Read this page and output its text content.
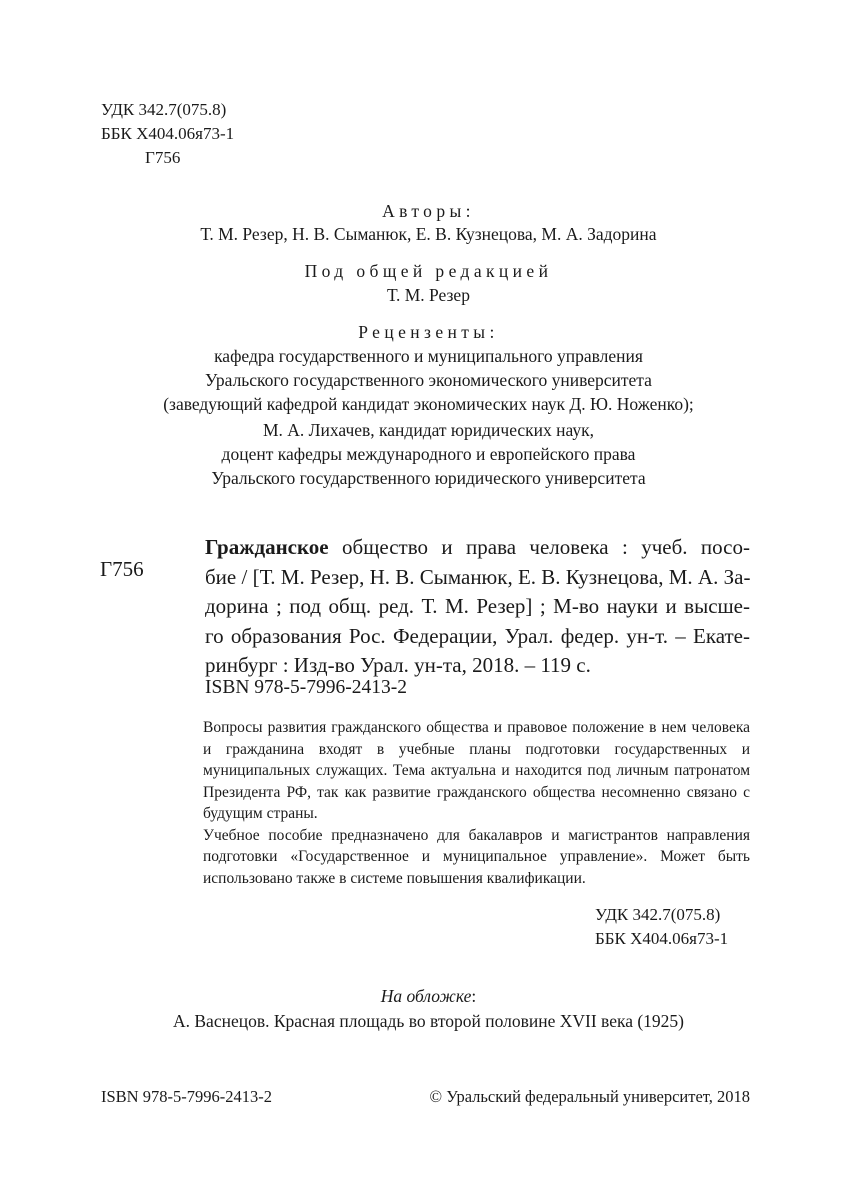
УДК 342.7(075.8)
ББК Х404.06я73-1
Г756
Авторы:
Т. М. Резер, Н. В. Сыманюк, Е. В. Кузнецова, М. А. Задорина
Под общей редакцией
Т. М. Резер
Рецензенты:
кафедра государственного и муниципального управления
Уральского государственного экономического университета
(заведующий кафедрой кандидат экономических наук Д. Ю. Ноженко);
М. А. Лихачев, кандидат юридических наук,
доцент кафедры международного и европейского права
Уральского государственного юридического университета
Г756
Гражданское общество и права человека : учеб. посо-
бие / [Т. М. Резер, Н. В. Сыманюк, Е. В. Кузнецова, М. А. За-
дорина ; под общ. ред. Т. М. Резер] ; М-во науки и высше-
го образования Рос. Федерации, Урал. федер. ун-т. – Екате-
ринбург : Изд-во Урал. ун-та, 2018. – 119 с.
ISBN 978-5-7996-2413-2
Вопросы развития гражданского общества и правовое положение в нем человека и гражданина входят в учебные планы подготовки государственных и муниципальных служащих. Тема актуальна и находится под личным патронатом Президента РФ, так как развитие гражданского общества несомненно связано с будущим страны.
Учебное пособие предназначено для бакалавров и магистрантов направления подготовки «Государственное и муниципальное управление». Может быть использовано также в системе повышения квалификации.
УДК 342.7(075.8)
ББК Х404.06я73-1
На обложке:
А. Васнецов. Красная площадь во второй половине XVII века (1925)
ISBN 978-5-7996-2413-2	© Уральский федеральный университет, 2018
